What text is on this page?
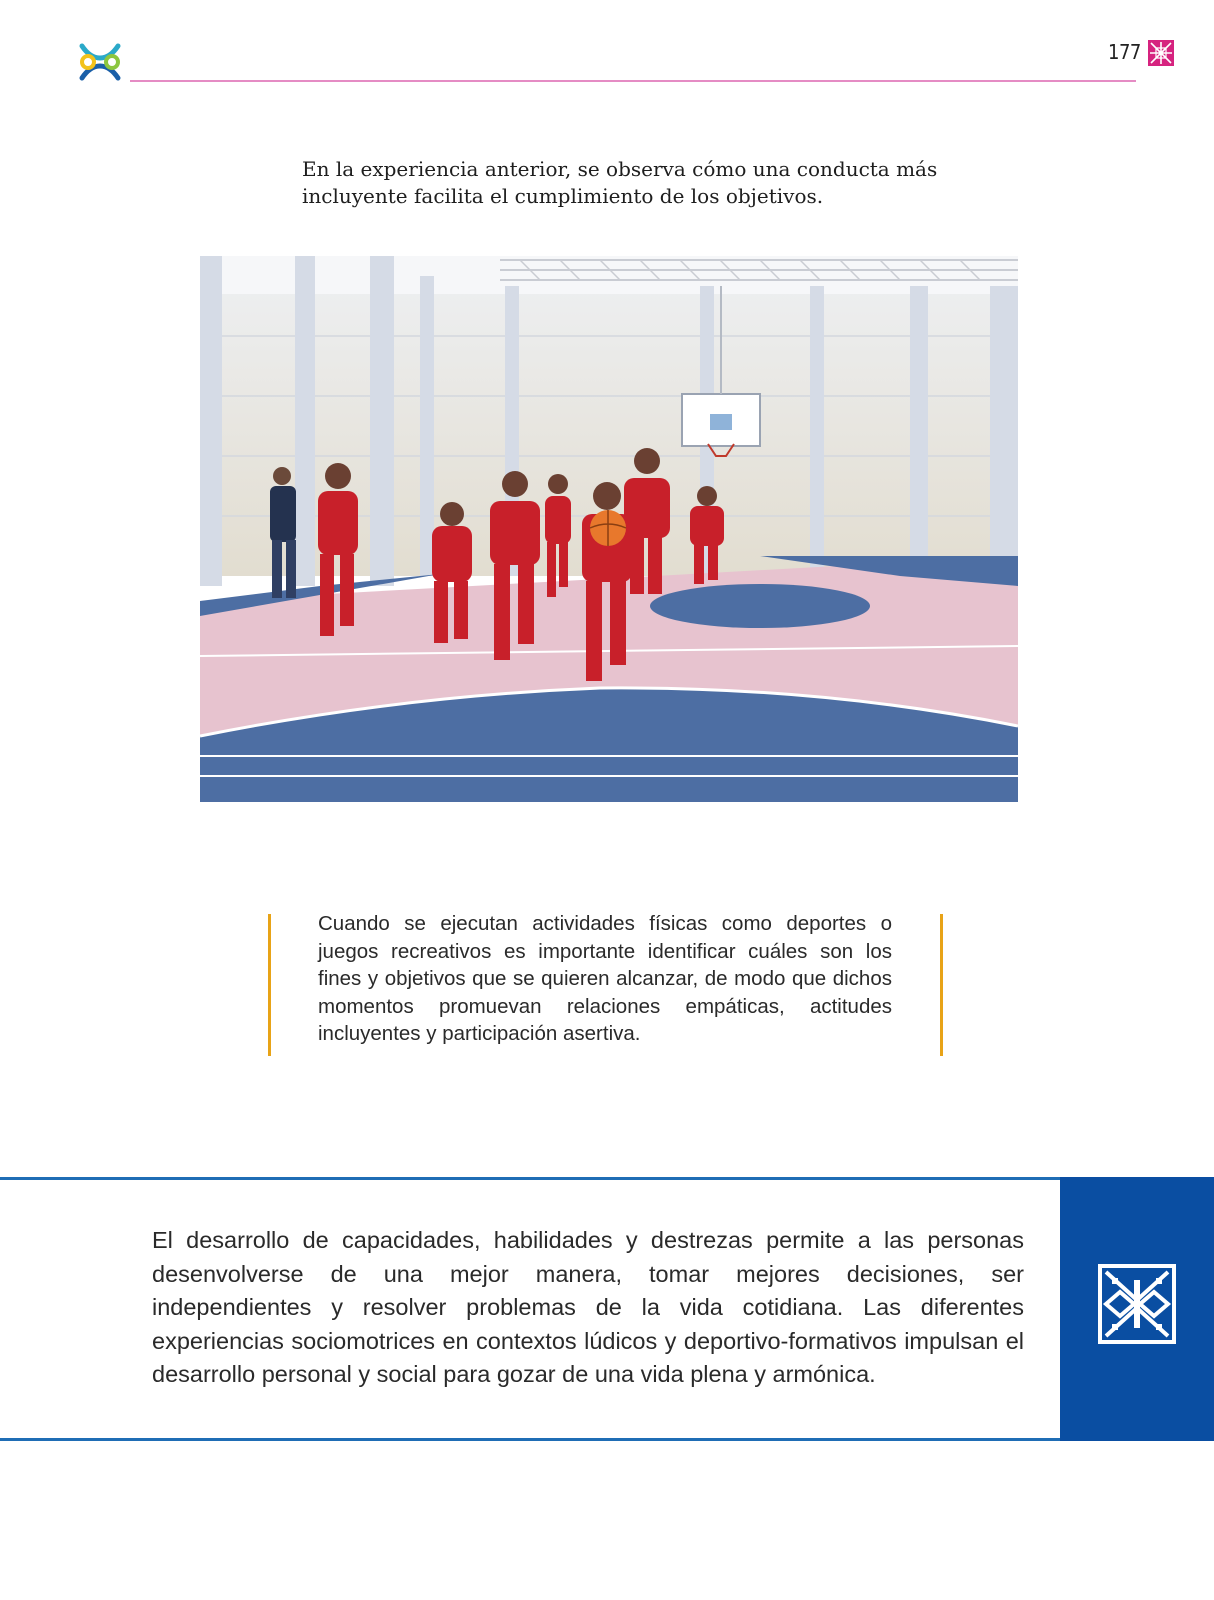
177

En la experiencia anterior, se observa cómo una conducta más incluyente facilita el cumplimiento de los objetivos.

Cuando se ejecutan actividades físicas como deportes o juegos recreativos es importante identificar cuáles son los fines y objetivos que se quieren alcanzar, de modo que dichos momentos promuevan relaciones empáticas, actitudes incluyentes y participación asertiva.

El desarrollo de capacidades, habilidades y destrezas permite a las personas desenvolverse de una mejor manera, tomar mejores decisiones, ser independientes y resolver problemas de la vida cotidiana. Las diferentes experiencias sociomotrices en contextos lúdicos y deportivo-formativos impulsan el desarrollo personal y social para gozar de una vida plena y armónica.
